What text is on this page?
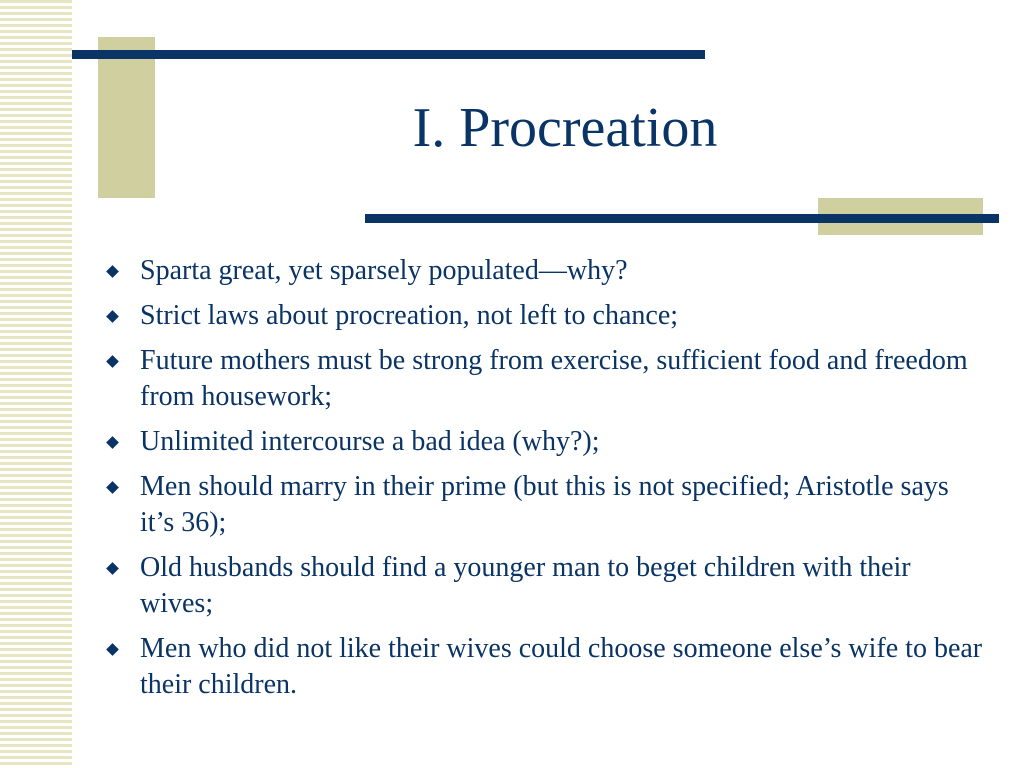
I. Procreation
Sparta great, yet sparsely populated—why?
Strict laws about procreation, not left to chance;
Future mothers must be strong from exercise, sufficient food and freedom from housework;
Unlimited intercourse a bad idea (why?);
Men should marry in their prime (but this is not specified; Aristotle says it’s 36);
Old husbands should find a younger man to beget children with their wives;
Men who did not like their wives could choose someone else’s wife to bear their children.
